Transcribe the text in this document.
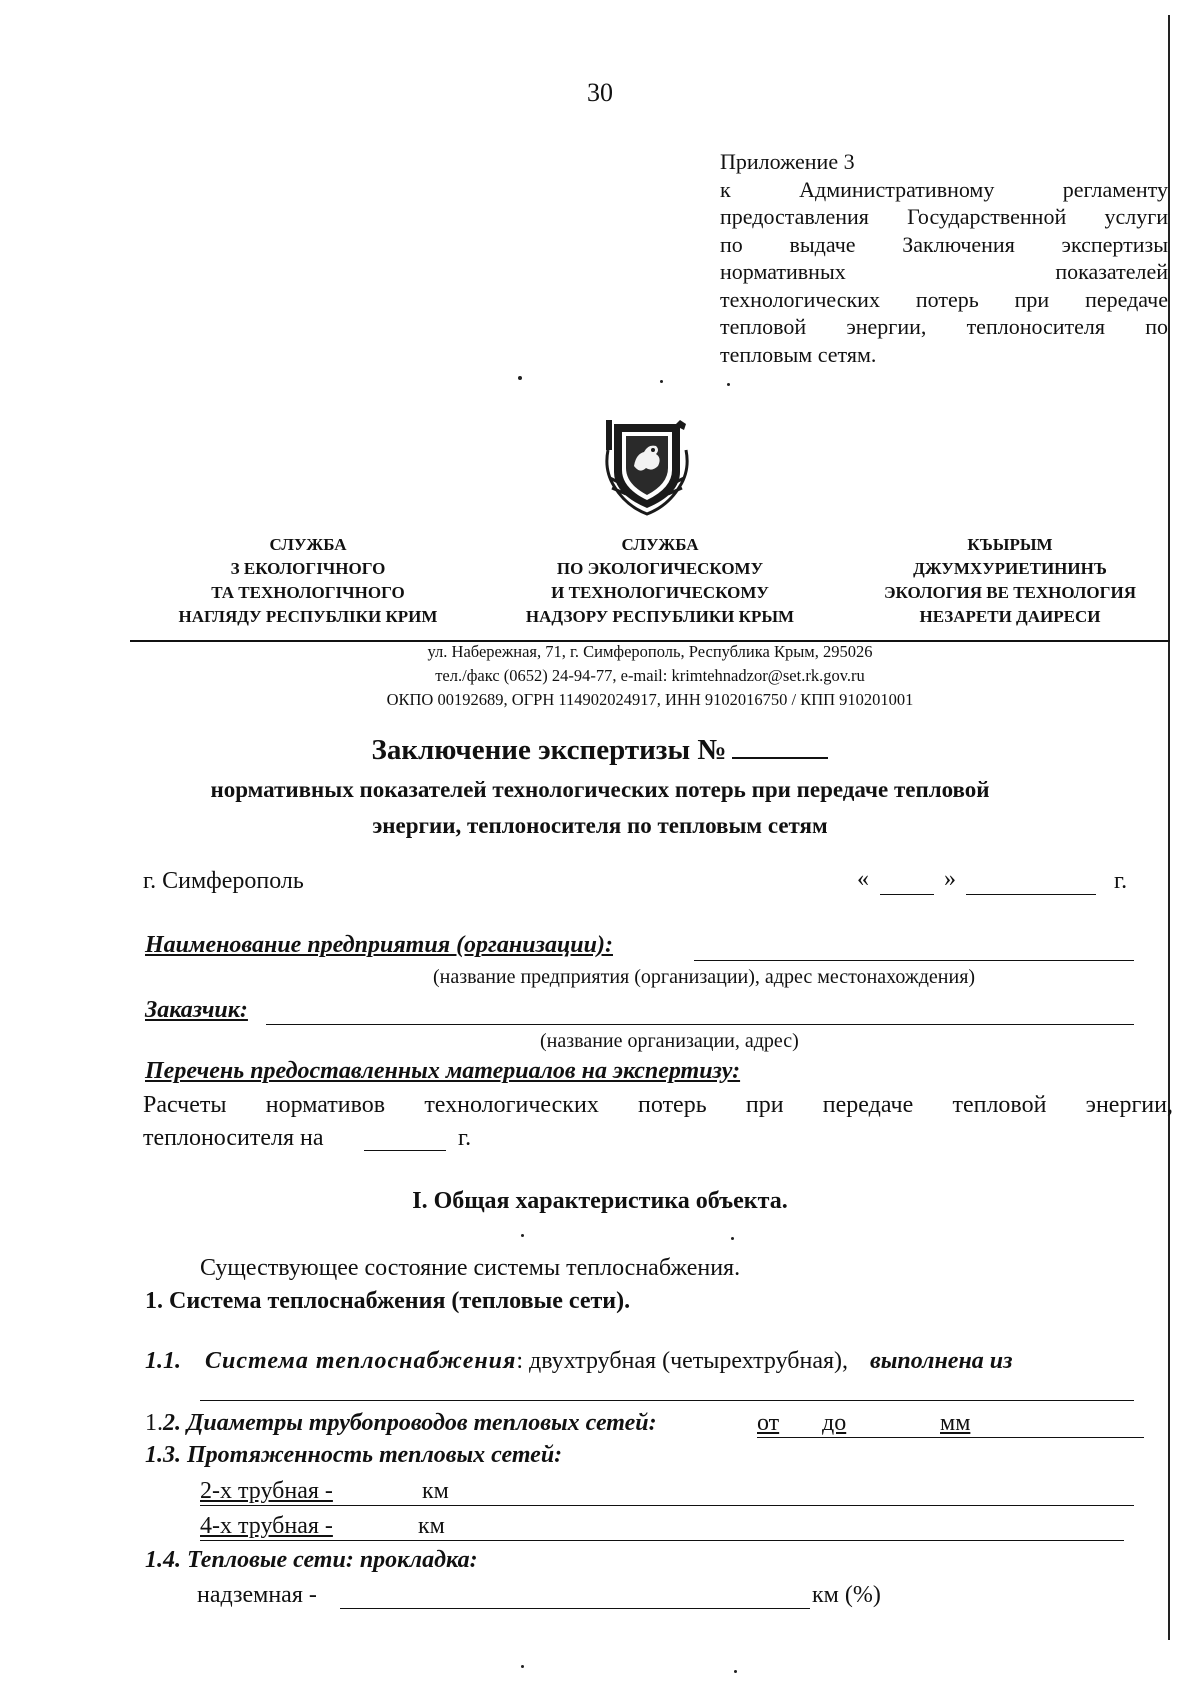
30
Приложение 3
к Административному регламенту
предоставления Государственной услуги
по выдаче Заключения экспертизы
нормативных показателей
технологических потерь при передаче
тепловой энергии, теплоносителя по
тепловым сетям.
СЛУЖБА
З ЕКОЛОГІЧНОГО
ТА ТЕХНОЛОГІЧНОГО
НАГЛЯДУ РЕСПУБЛІКИ КРИМ
СЛУЖБА
ПО ЭКОЛОГИЧЕСКОМУ
И ТЕХНОЛОГИЧЕСКОМУ
НАДЗОРУ РЕСПУБЛИКИ КРЫМ
КЪЫРЫМ
ДЖУМХУРИЕТИНИНЪ
ЭКОЛОГИЯ ВЕ ТЕХНОЛОГИЯ
НЕЗАРЕТИ ДАИРЕСИ
ул. Набережная, 71, г. Симферополь, Республика Крым, 295026
тел./факс (0652) 24-94-77, e-mail: krimtehnadzor@set.rk.gov.ru
ОКПО 00192689, ОГРН 114902024917, ИНН 9102016750 / КПП 910201001
Заключение экспертизы №
нормативных показателей технологических потерь при передаче тепловой
энергии, теплоносителя по тепловым сетям
г. Симферополь	«	»	г.
Наименование предприятия (организации):
(название предприятия (организации), адрес местонахождения)
Заказчик:
(название организации, адрес)
Перечень предоставленных материалов на экспертизу:
Расчеты нормативов технологических потерь при передаче тепловой энергии,
теплоносителя на	г.
I. Общая характеристика объекта.
Существующее состояние системы теплоснабжения.
1. Система теплоснабжения (тепловые сети).
1.1. Система теплоснабжения: двухтрубная (четырехтрубная), выполнена из
1.2. Диаметры трубопроводов тепловых сетей:	от до	мм
1.3. Протяженность тепловых сетей:
2-х трубная -	км
4-х трубная -	км
1.4. Тепловые сети: прокладка:
надземная -	км (%)
